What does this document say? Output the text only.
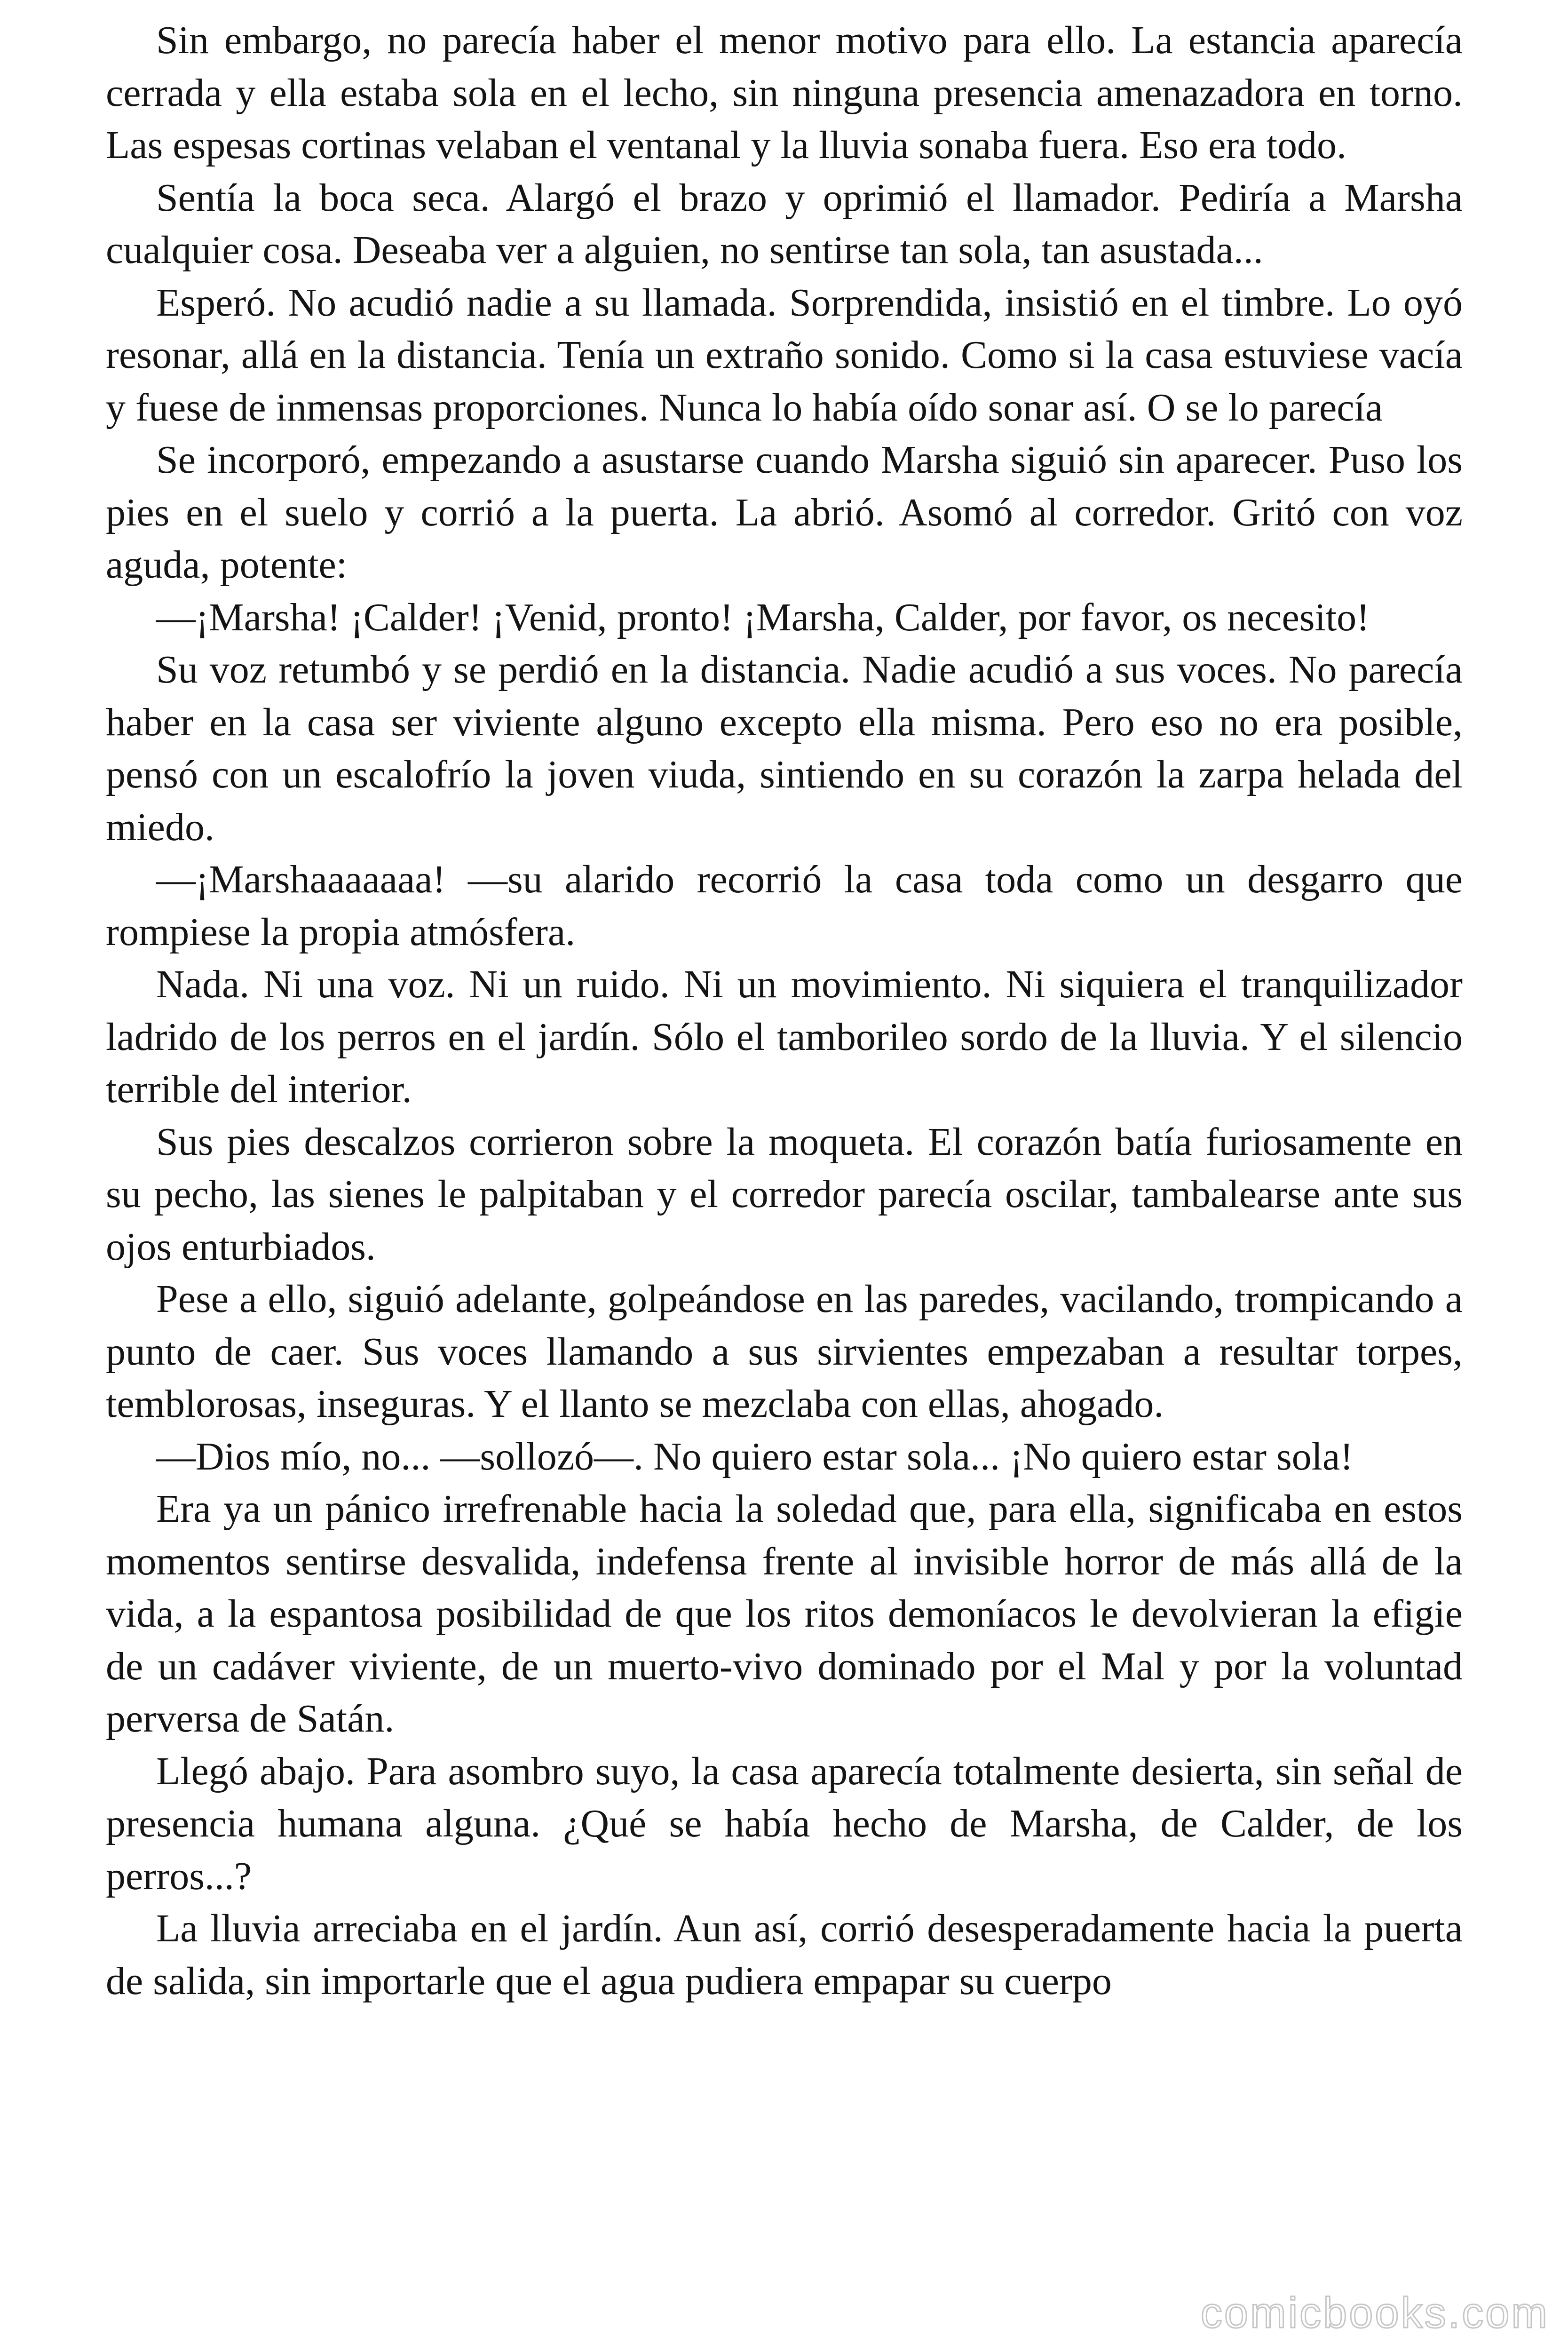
Sin embargo, no parecía haber el menor motivo para ello. La estancia aparecía cerrada y ella estaba sola en el lecho, sin ninguna presencia amenazadora en torno. Las espesas cortinas velaban el ventanal y la lluvia sonaba fuera. Eso era todo.

Sentía la boca seca. Alargó el brazo y oprimió el llamador. Pediría a Marsha cualquier cosa. Deseaba ver a alguien, no sentirse tan sola, tan asustada...

Esperó. No acudió nadie a su llamada. Sorprendida, insistió en el timbre. Lo oyó resonar, allá en la distancia. Tenía un extraño sonido. Como si la casa estuviese vacía y fuese de inmensas proporciones. Nunca lo había oído sonar así. O se lo parecía

Se incorporó, empezando a asustarse cuando Marsha siguió sin aparecer. Puso los pies en el suelo y corrió a la puerta. La abrió. Asomó al corredor. Gritó con voz aguda, potente:

—¡Marsha! ¡Calder! ¡Venid, pronto! ¡Marsha, Calder, por favor, os necesito!

Su voz retumbó y se perdió en la distancia. Nadie acudió a sus voces. No parecía haber en la casa ser viviente alguno excepto ella misma. Pero eso no era posible, pensó con un escalofrío la joven viuda, sintiendo en su corazón la zarpa helada del miedo.

—¡Marshaaaaaaa! —su alarido recorrió la casa toda como un desgarro que rompiese la propia atmósfera.

Nada. Ni una voz. Ni un ruido. Ni un movimiento. Ni siquiera el tranquilizador ladrido de los perros en el jardín. Sólo el tamborileo sordo de la lluvia. Y el silencio terrible del interior.

Sus pies descalzos corrieron sobre la moqueta. El corazón batía furiosamente en su pecho, las sienes le palpitaban y el corredor parecía oscilar, tambalearse ante sus ojos enturbiados.

Pese a ello, siguió adelante, golpeándose en las paredes, vacilando, trompicando a punto de caer. Sus voces llamando a sus sirvientes empezaban a resultar torpes, temblorosas, inseguras. Y el llanto se mezclaba con ellas, ahogado.

—Dios mío, no... —sollozó—. No quiero estar sola... ¡No quiero estar sola!

Era ya un pánico irrefrenable hacia la soledad que, para ella, significaba en estos momentos sentirse desvalida, indefensa frente al invisible horror de más allá de la vida, a la espantosa posibilidad de que los ritos demoníacos le devolvieran la efigie de un cadáver viviente, de un muerto-vivo dominado por el Mal y por la voluntad perversa de Satán.

Llegó abajo. Para asombro suyo, la casa aparecía totalmente desierta, sin señal de presencia humana alguna. ¿Qué se había hecho de Marsha, de Calder, de los perros...?

La lluvia arreciaba en el jardín. Aun así, corrió desesperadamente hacia la puerta de salida, sin importarle que el agua pudiera empapar su cuerpo

comicbooks.com
